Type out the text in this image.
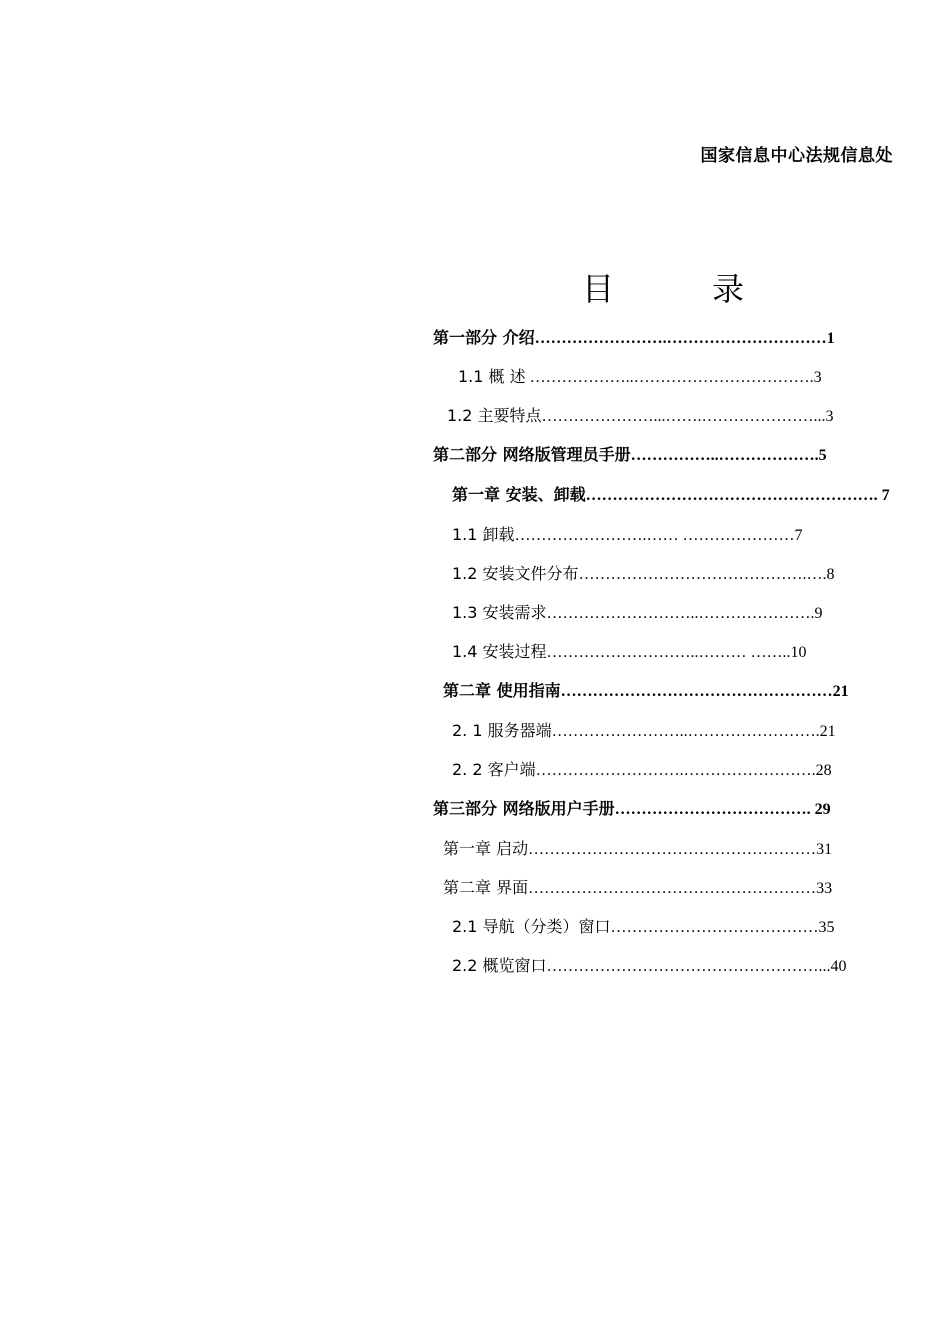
国家信息中心法规信息处
目	录
第一部分 介绍…………………….…………………………1
1.1 概 述 ………………..…………………………….3
1.2 主要特点…………………...…….…………………...3
第二部分 网络版管理员手册……………..……………….5
第一章 安装、卸载………………………………………………. 7
1.1 卸载…………………….…… …………………7
1.2 安装文件分布…………………………………….….8
1.3 安装需求………………………..………………….9
1.4 安装过程………………………..……… ……..10
第二章 使用指南……………………………………………21
2. 1 服务器端……………………..…………………….21
2. 2 客户端……………………….…………………….28
第三部分 网络版用户手册………………………………. 29
第一章 启动………………………………………………31
第二章 界面………………………………………………33
2.1 导航（分类）窗口…………………………………35
2.2 概览窗口……………………………………………...40
